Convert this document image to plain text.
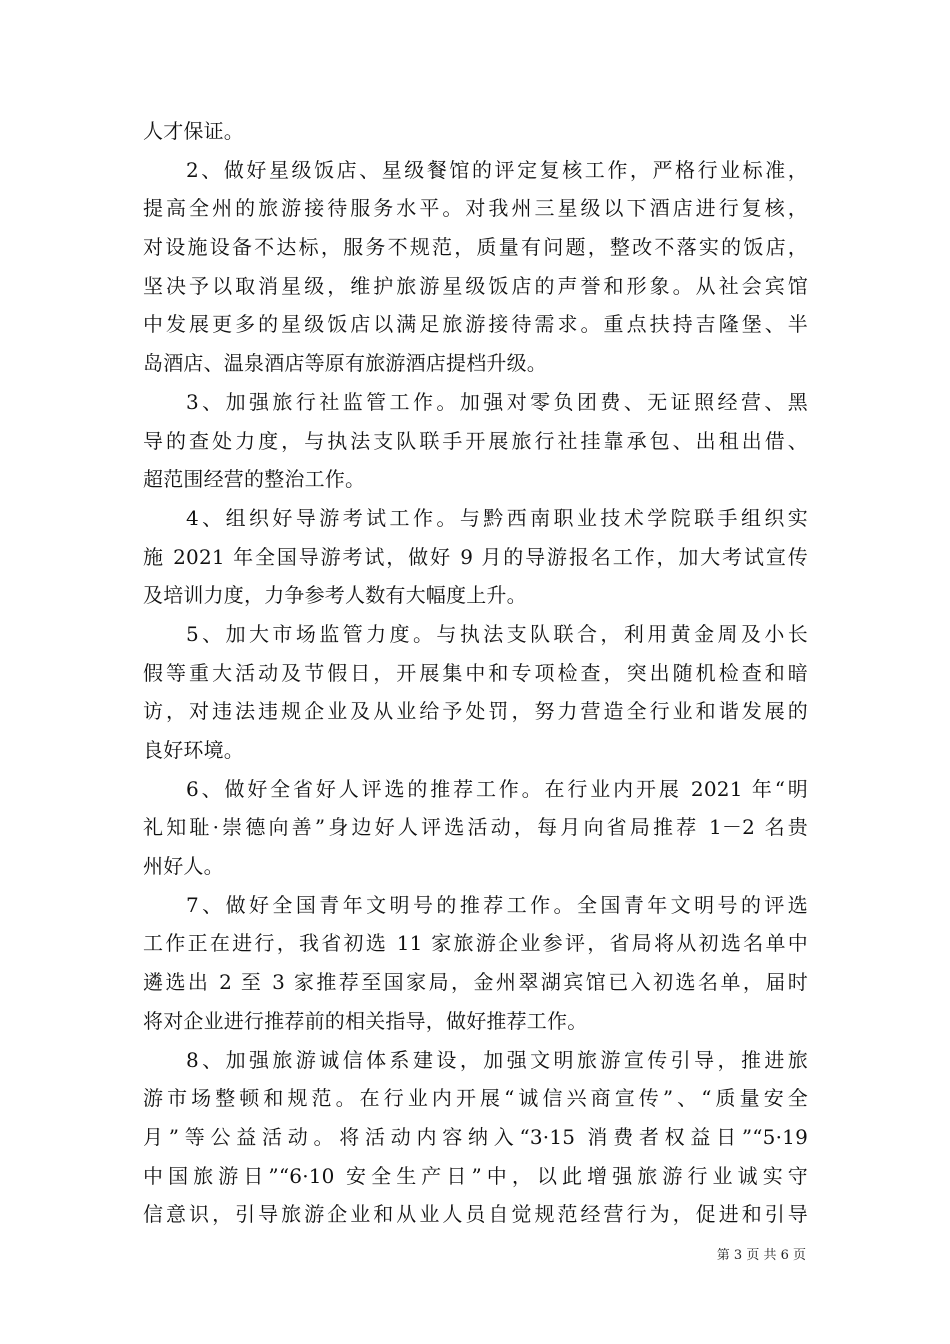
人才保证。
2、做好星级饭店、星级餐馆的评定复核工作，严格行业标准，
提高全州的旅游接待服务水平。对我州三星级以下酒店进行复核，
对设施设备不达标，服务不规范，质量有问题，整改不落实的饭店，
坚决予以取消星级，维护旅游星级饭店的声誉和形象。从社会宾馆
中发展更多的星级饭店以满足旅游接待需求。重点扶持吉隆堡、半
岛酒店、温泉酒店等原有旅游酒店提档升级。
3、加强旅行社监管工作。加强对零负团费、无证照经营、黑
导的查处力度，与执法支队联手开展旅行社挂靠承包、出租出借、
超范围经营的整治工作。
4、组织好导游考试工作。与黔西南职业技术学院联手组织实
施 2021 年全国导游考试，做好 9 月的导游报名工作，加大考试宣传
及培训力度，力争参考人数有大幅度上升。
5、加大市场监管力度。与执法支队联合，利用黄金周及小长
假等重大活动及节假日，开展集中和专项检查，突出随机检查和暗
访，对违法违规企业及从业给予处罚，努力营造全行业和谐发展的
良好环境。
6、做好全省好人评选的推荐工作。在行业内开展 2021 年“明
礼知耻·崇德向善”身边好人评选活动，每月向省局推荐 1－2 名贵
州好人。
7、做好全国青年文明号的推荐工作。全国青年文明号的评选
工作正在进行，我省初选 11 家旅游企业参评，省局将从初选名单中
遴选出 2 至 3 家推荐至国家局，金州翠湖宾馆已入初选名单，届时
将对企业进行推荐前的相关指导，做好推荐工作。
8、加强旅游诚信体系建设，加强文明旅游宣传引导，推进旅
游市场整顿和规范。在行业内开展“诚信兴商宣传”、“质量安全
月”等公益活动。将活动内容纳入“3·15 消费者权益日”“5·19
中国旅游日”“6·10 安全生产日”中，以此增强旅游行业诚实守
信意识，引导旅游企业和从业人员自觉规范经营行为，促进和引导
第 3 页 共 6 页
